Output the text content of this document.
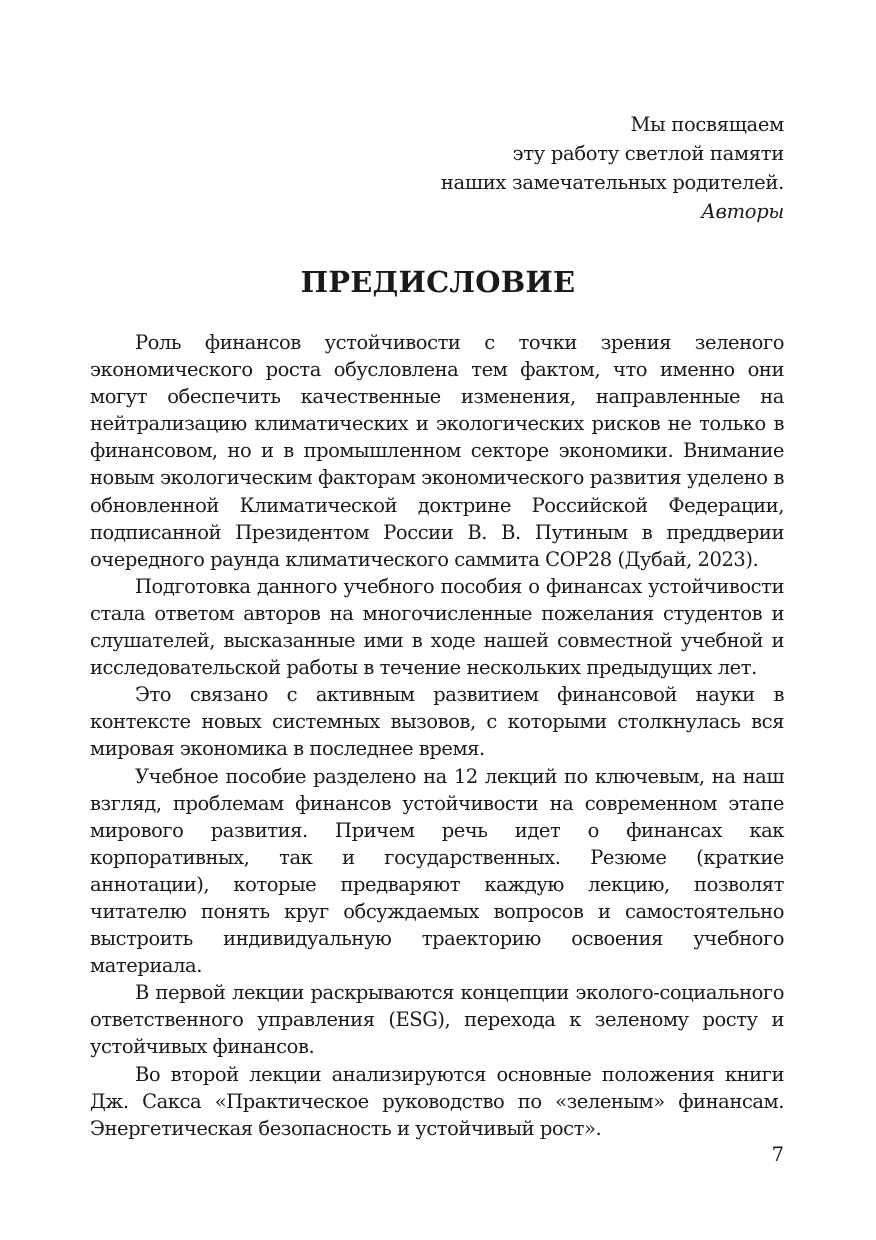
Мы посвящаем
эту работу светлой памяти
наших замечательных родителей.
Авторы
ПРЕДИСЛОВИЕ

Роль финансов устойчивости с точки зрения зеленого экономического роста обусловлена тем фактом, что именно они могут обеспечить качественные изменения, направленные на нейтрализацию климатических и экологических рисков не только в финансовом, но и в промышленном секторе экономики. Внимание новым экологическим факторам экономического развития уделено в обновленной Климатической доктрине Российской Федерации, подписанной Президентом России В. В. Путиным в преддверии очередного раунда климатического саммита СОР28 (Дубай, 2023).

Подготовка данного учебного пособия о финансах устойчивости стала ответом авторов на многочисленные пожелания студентов и слушателей, высказанные ими в ходе нашей совместной учебной и исследовательской работы в течение нескольких предыдущих лет.

Это связано с активным развитием финансовой науки в контексте новых системных вызовов, с которыми столкнулась вся мировая экономика в последнее время.

Учебное пособие разделено на 12 лекций по ключевым, на наш взгляд, проблемам финансов устойчивости на современном этапе мирового развития. Причем речь идет о финансах как корпоративных, так и государственных. Резюме (краткие аннотации), которые предваряют каждую лекцию, позволят читателю понять круг обсуждаемых вопросов и самостоятельно выстроить индивидуальную траекторию освоения учебного материала.

В первой лекции раскрываются концепции эколого-социального ответственного управления (ESG), перехода к зеленому росту и устойчивых финансов.

Во второй лекции анализируются основные положения книги Дж. Сакса «Практическое руководство по «зеленым» финансам. Энергетическая безопасность и устойчивый рост».

7
